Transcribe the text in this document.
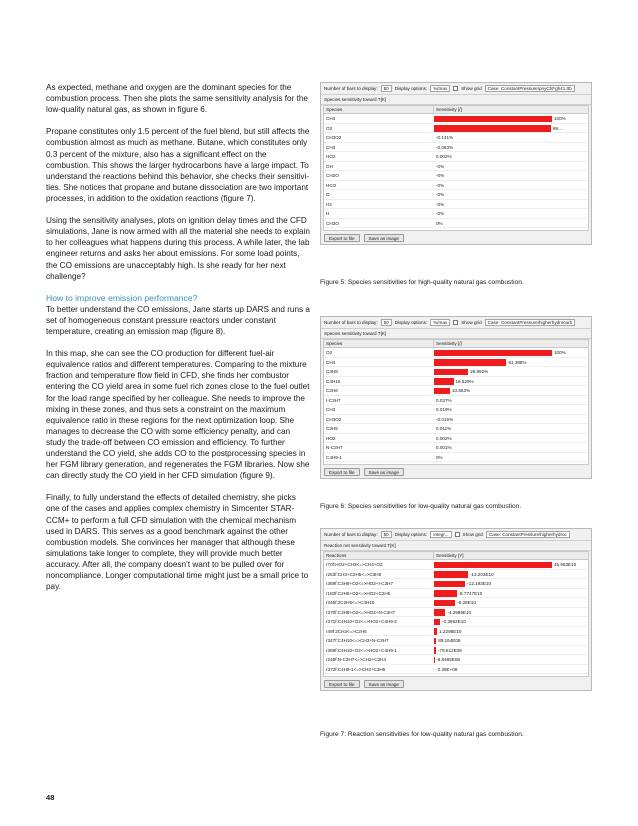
As expected, methane and oxygen are the dominant species for the combustion process. Then she plots the same sensitivity analysis for the low-quality natural gas, as shown in figure 6.

Propane constitutes only 1.5 percent of the fuel blend, but still affects the combustion almost as much as methane. Butane, which constitutes only 0.3 percent of the mixture, also has a significant effect on the combustion. This shows the larger hydrocarbons have a large impact. To understand the reactions behind this behavior, she checks their sensitivities. She notices that propane and butane dissociation are two important processes, in addition to the oxidation reactions (figure 7).

Using the sensitivity analyses, plots on ignition delay times and the CFD simulations, Jane is now armed with all the material she needs to explain to her colleagues what happens during this process. A while later, the lab engineer returns and asks her about emissions. For some load points, the CO emissions are unacceptably high. Is she ready for her next challenge?

How to improve emission performance?

To better understand the CO emissions, Jane starts up DARS and runs a set of homogeneous constant pressure reactors under constant temperature, creating an emission map (figure 8).

In this map, she can see the CO production for different fuel-air equivalence ratios and different temperatures. Comparing to the mixture fraction and temperature flow field in CFD, she finds her combustor entering the CO yield area in some fuel rich zones close to the fuel outlet for the load range specified by her colleague. She needs to improve the mixing in these zones, and thus sets a constraint on the maximum equivalence ratio in these regions for the next optimization loop. She manages to decrease the CO with some efficiency penalty, and can study the trade-off between CO emission and efficiency. To further understand the CO yield, she adds CO to the postprocessing species in her FGM library generation, and regenerates the FGM libraries. Now she can directly study the CO yield in her CFD simulation (figure 9).

Finally, to fully understand the effects of detailed chemistry, she picks one of the cases and applies complex chemistry in Simcenter STAR-CCM+ to perform a full CFD simulation with the chemical mechanism used in DARS. This serves as a good benchmark against the other combustion models. She convinces her manager that although these simulations take longer to complete, they will provide much better accuracy. After all, the company doesn’t want to be pulled over for noncompliance. Longer computational time might just be a small price to pay.

Number of bars to display:	50	Display options:	%/max	Show grid	Case: ConstantPressure\priyChFgh41.0b
Species sensitivity toward T[K]
Species	Sensitivity [/]
CH4	100%
O2	99....
CH3O2	-0.141%
CH3	-0.083%
HO2	0.002%
OH	-0%
CH2O	-0%
HCO	-0%
O	-0%
H2	-0%
H	-0%
CH3O	0%
Export to file	Save as image
Figure 5: Species sensitivities for high-quality natural gas combustion.
Number of bars to display:	50	Display options:	%/max	Show grid	Case: ConstantPressure\higherhydrocarb
Species sensitivity toward T[K]
Species	Sensitivity [/]
O2	100%
CH4	61.398%
C3H8	28.892%
C4H10	16.529%
C2H6	13.553%
I-C3H7	0.037%
CH3	0.019%
CH3O2	-0.015%
C2H5	0.011%
HO2	0.002%
N-C3H7	0.001%
C4H9-1	0%
Export to file	Save as image
Figure 6: Species sensitivities for low-quality natural gas combustion.
Number of bars to display:	50	Display options:	Integr...	Show grid	Case: ConstantPressure\higherhydroc
Reaction net sensitivity toward T[K]
Reactions	Sensitivity [Y]
r70f:HO2+CH3<=>CH4+O2	45.963E10
r253f:CH3+C2H5<=>C3H8	-13.203E10
r369f:C3H8+O2<=>HO2+I-C3H7	-12.193E10
r183f:C2H6+O2<=>HO2+C2H5	-8.7747E10
r346f:2C2H5<=>C4H10	-8.28E10
r370f:C3H8+O2<=>HO2+N-C3H7	-4.3989E10
r371f:C4H10+O2<=>HO2+C4H9-2	-2.3862E10
r49f:2CH3<=>C2H6	1.2298E10
r347f:C4H10<=>CH3+N-C3H7	89.164E08
r369f:C4H10+O2<=>HO2+C4H9-1	-79.612E08
r248f:N-C3H7<=>CH3+C2H4	-6.8485E08
r372f:C4H9-1<=>CH3+C3H6	-2.38E+08
Export to file	Save as image
Figure 7: Reaction sensitivities for low-quality natural gas combustion.
48
